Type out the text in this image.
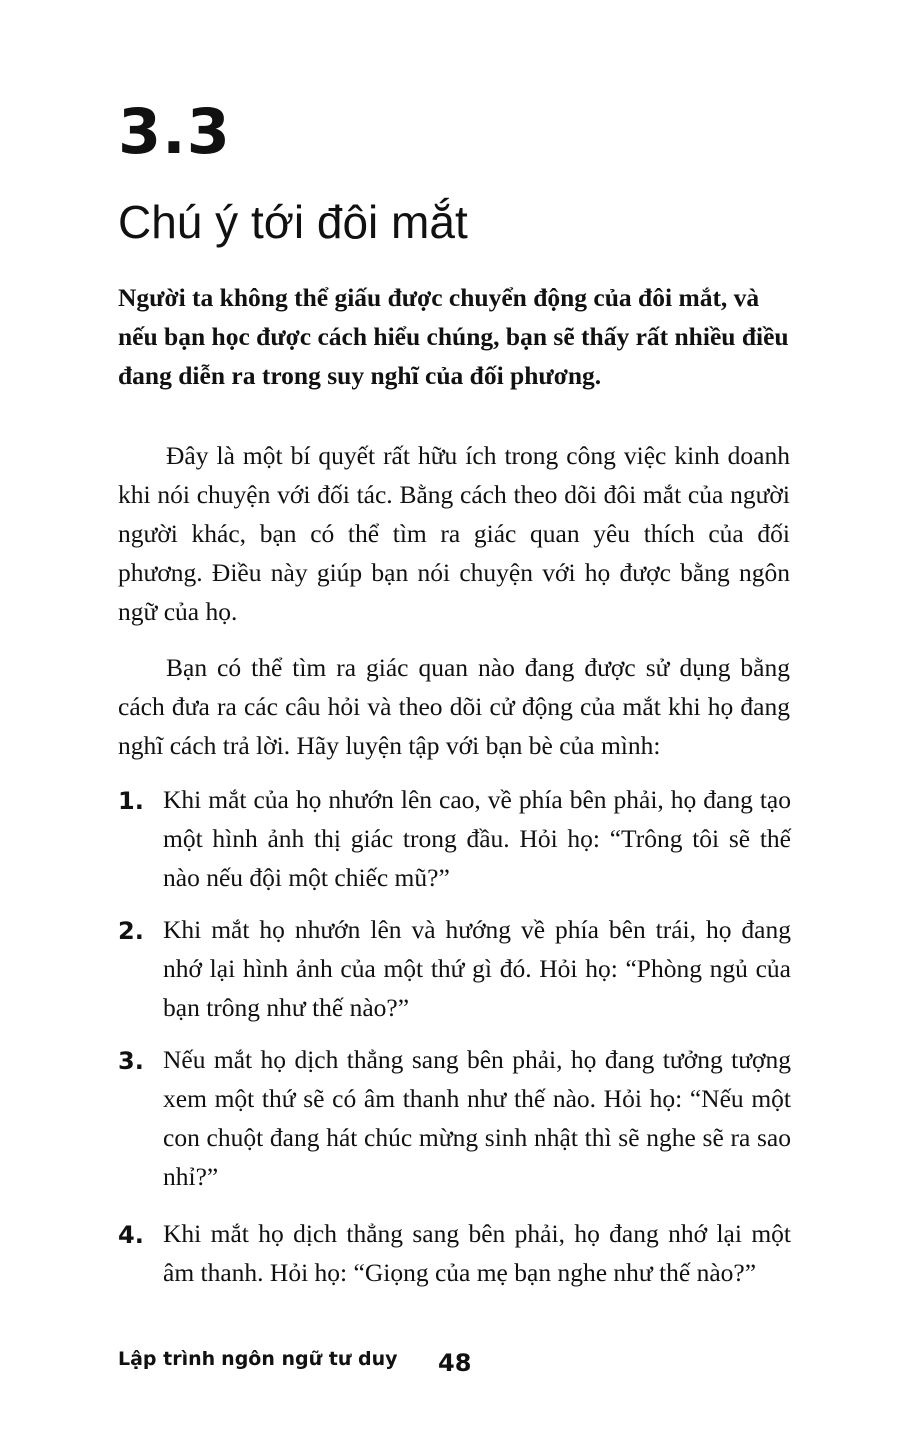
3.3
Chú ý tới đôi mắt

Người ta không thể giấu được chuyển động của đôi mắt, và nếu bạn học được cách hiểu chúng, bạn sẽ thấy rất nhiều điều đang diễn ra trong suy nghĩ của đối phương.

Đây là một bí quyết rất hữu ích trong công việc kinh doanh khi nói chuyện với đối tác. Bằng cách theo dõi đôi mắt của người người khác, bạn có thể tìm ra giác quan yêu thích của đối phương. Điều này giúp bạn nói chuyện với họ được bằng ngôn ngữ của họ.

Bạn có thể tìm ra giác quan nào đang được sử dụng bằng cách đưa ra các câu hỏi và theo dõi cử động của mắt khi họ đang nghĩ cách trả lời. Hãy luyện tập với bạn bè của mình:

1. Khi mắt của họ nhướn lên cao, về phía bên phải, họ đang tạo một hình ảnh thị giác trong đầu. Hỏi họ: “Trông tôi sẽ thế nào nếu đội một chiếc mũ?”

2. Khi mắt họ nhướn lên và hướng về phía bên trái, họ đang nhớ lại hình ảnh của một thứ gì đó. Hỏi họ: “Phòng ngủ của bạn trông như thế nào?”

3. Nếu mắt họ dịch thẳng sang bên phải, họ đang tưởng tượng xem một thứ sẽ có âm thanh như thế nào. Hỏi họ: “Nếu một con chuột đang hát chúc mừng sinh nhật thì sẽ nghe sẽ ra sao nhỉ?”

4. Khi mắt họ dịch thẳng sang bên phải, họ đang nhớ lại một âm thanh. Hỏi họ: “Giọng của mẹ bạn nghe như thế nào?”

Lập trình ngôn ngữ tư duy 48
